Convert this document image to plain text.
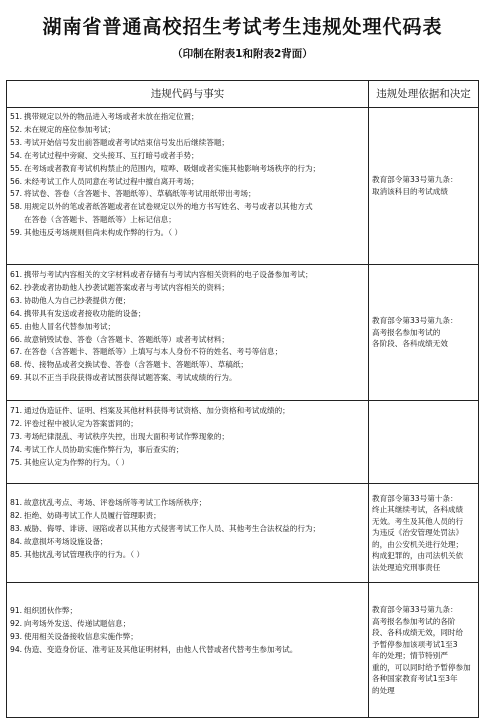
湖南省普通高校招生考试考生违规处理代码表
（印制在附表1和附表2背面）
违规代码与事实	违规处理依据和决定
51. 携带规定以外的物品进入考场或者未放在指定位置；
52. 未在规定的座位参加考试；
53. 考试开始信号发出前答题或者考试结束信号发出后继续答题；
54. 在考试过程中旁窥、交头接耳、互打暗号或者手势；
55. 在考场或者教育考试机构禁止的范围内，喧哗、吸烟或者实施其他影响考场秩序的行为；
56. 未经考试工作人员同意在考试过程中擅自离开考场；
57. 将试卷、答卷（含答题卡、答题纸等）、草稿纸等考试用纸带出考场；
58. 用规定以外的笔或者纸答题或者在试卷规定以外的地方书写姓名、考号或者以其他方式
在答卷（含答题卡、答题纸等）上标记信息；
59. 其他违反考场规则但尚未构成作弊的行为。（ ）
教育部令第33号第九条：
取消该科目的考试成绩
61. 携带与考试内容相关的文字材料或者存储有与考试内容相关资料的电子设备参加考试；
62. 抄袭或者协助他人抄袭试题答案或者与考试内容相关的资料；
63. 协助他人为自己抄袭提供方便；
64. 携带具有发送或者接收功能的设备；
65. 由他人冒名代替参加考试；
66. 故意销毁试卷、答卷（含答题卡、答题纸等）或者考试材料；
67. 在答卷（含答题卡、答题纸等）上填写与本人身份不符的姓名、考号等信息；
68. 传、接物品或者交换试卷、答卷（含答题卡、答题纸等）、草稿纸；
69. 其以不正当手段获得或者试图获得试题答案、考试成绩的行为。
教育部令第33号第九条：
高考报名参加考试的
各阶段、各科成绩无效
71. 通过伪造证件、证明、档案及其他材料获得考试资格、加分资格和考试成绩的；
72. 评卷过程中被认定为答案雷同的；
73. 考场纪律混乱、考试秩序失控，出现大面积考试作弊现象的；
74. 考试工作人员协助实施作弊行为，事后查实的；
75. 其他应认定为作弊的行为。（ ）
81. 故意扰乱考点、考场、评卷场所等考试工作场所秩序；
82. 拒绝、妨碍考试工作人员履行管理职责；
83. 威胁、侮辱、诽谤、诬陷或者以其他方式侵害考试工作人员、其他考生合法权益的行为；
84. 故意损坏考场设施设备；
85. 其他扰乱考试管理秩序的行为。（ ）
教育部令第33号第十条：
终止其继续考试，各科成绩
无效。考生及其他人员的行
为违反《治安管理处罚法》
的，由公安机关进行处理；
构成犯罪的，由司法机关依
法处理追究刑事责任
91. 组织团伙作弊；
92. 向考场外发送、传递试题信息；
93. 使用相关设备接收信息实施作弊；
94. 伪造、变造身份证、准考证及其他证明材料，由他人代替或者代替考生参加考试。
教育部令第33号第九条：
高考报名参加考试的各阶
段、各科成绩无效，同时给
予暂停参加该项考试1至3
年的处理；情节特别严
重的，可以同时给予暂停参加
各种国家教育考试1至3年
的处理
